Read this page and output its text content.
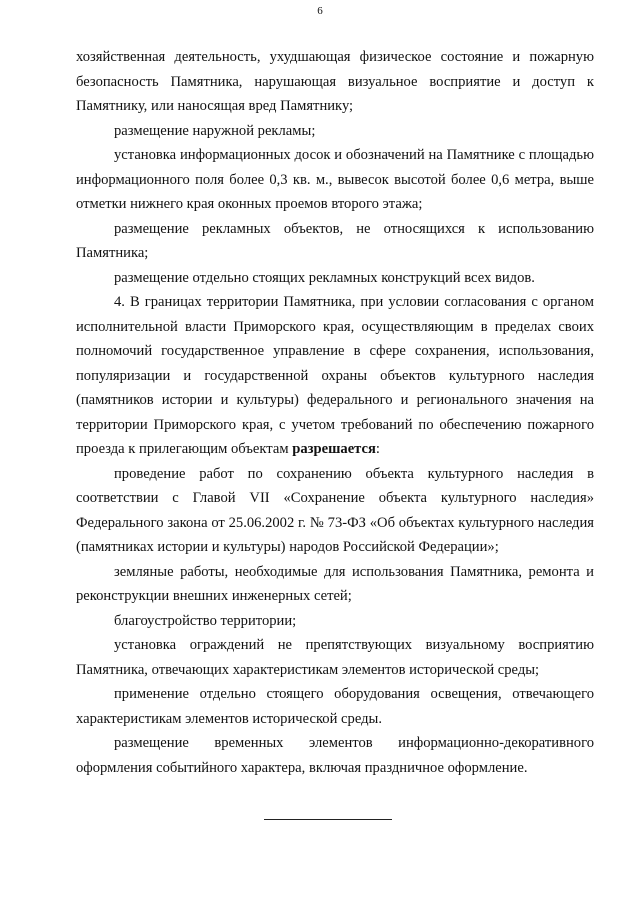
6

хозяйственная деятельность, ухудшающая физическое состояние и пожарную безопасность Памятника, нарушающая визуальное восприятие и доступ к Памятнику, или наносящая вред Памятнику;

размещение наружной рекламы;

установка информационных досок и обозначений на Памятнике с площадью информационного поля более 0,3 кв. м., вывесок высотой более 0,6 метра, выше отметки нижнего края оконных проемов второго этажа;

размещение рекламных объектов, не относящихся к использованию Памятника;

размещение отдельно стоящих рекламных конструкций всех видов.

4. В границах территории Памятника, при условии согласования с органом исполнительной власти Приморского края, осуществляющим в пределах своих полномочий государственное управление в сфере сохранения, использования, популяризации и государственной охраны объектов культурного наследия (памятников истории и культуры) федерального и регионального значения на территории Приморского края, с учетом требований по обеспечению пожарного проезда к прилегающим объектам разрешается:

проведение работ по сохранению объекта культурного наследия в соответствии с Главой VII «Сохранение объекта культурного наследия» Федерального закона от 25.06.2002 г. № 73-ФЗ «Об объектах культурного наследия (памятниках истории и культуры) народов Российской Федерации»;

земляные работы, необходимые для использования Памятника, ремонта и реконструкции внешних инженерных сетей;

благоустройство территории;

установка ограждений не препятствующих визуальному восприятию Памятника, отвечающих характеристикам элементов исторической среды;

применение отдельно стоящего оборудования освещения, отвечающего характеристикам элементов исторической среды.

размещение временных элементов информационно-декоративного оформления событийного характера, включая праздничное оформление.
